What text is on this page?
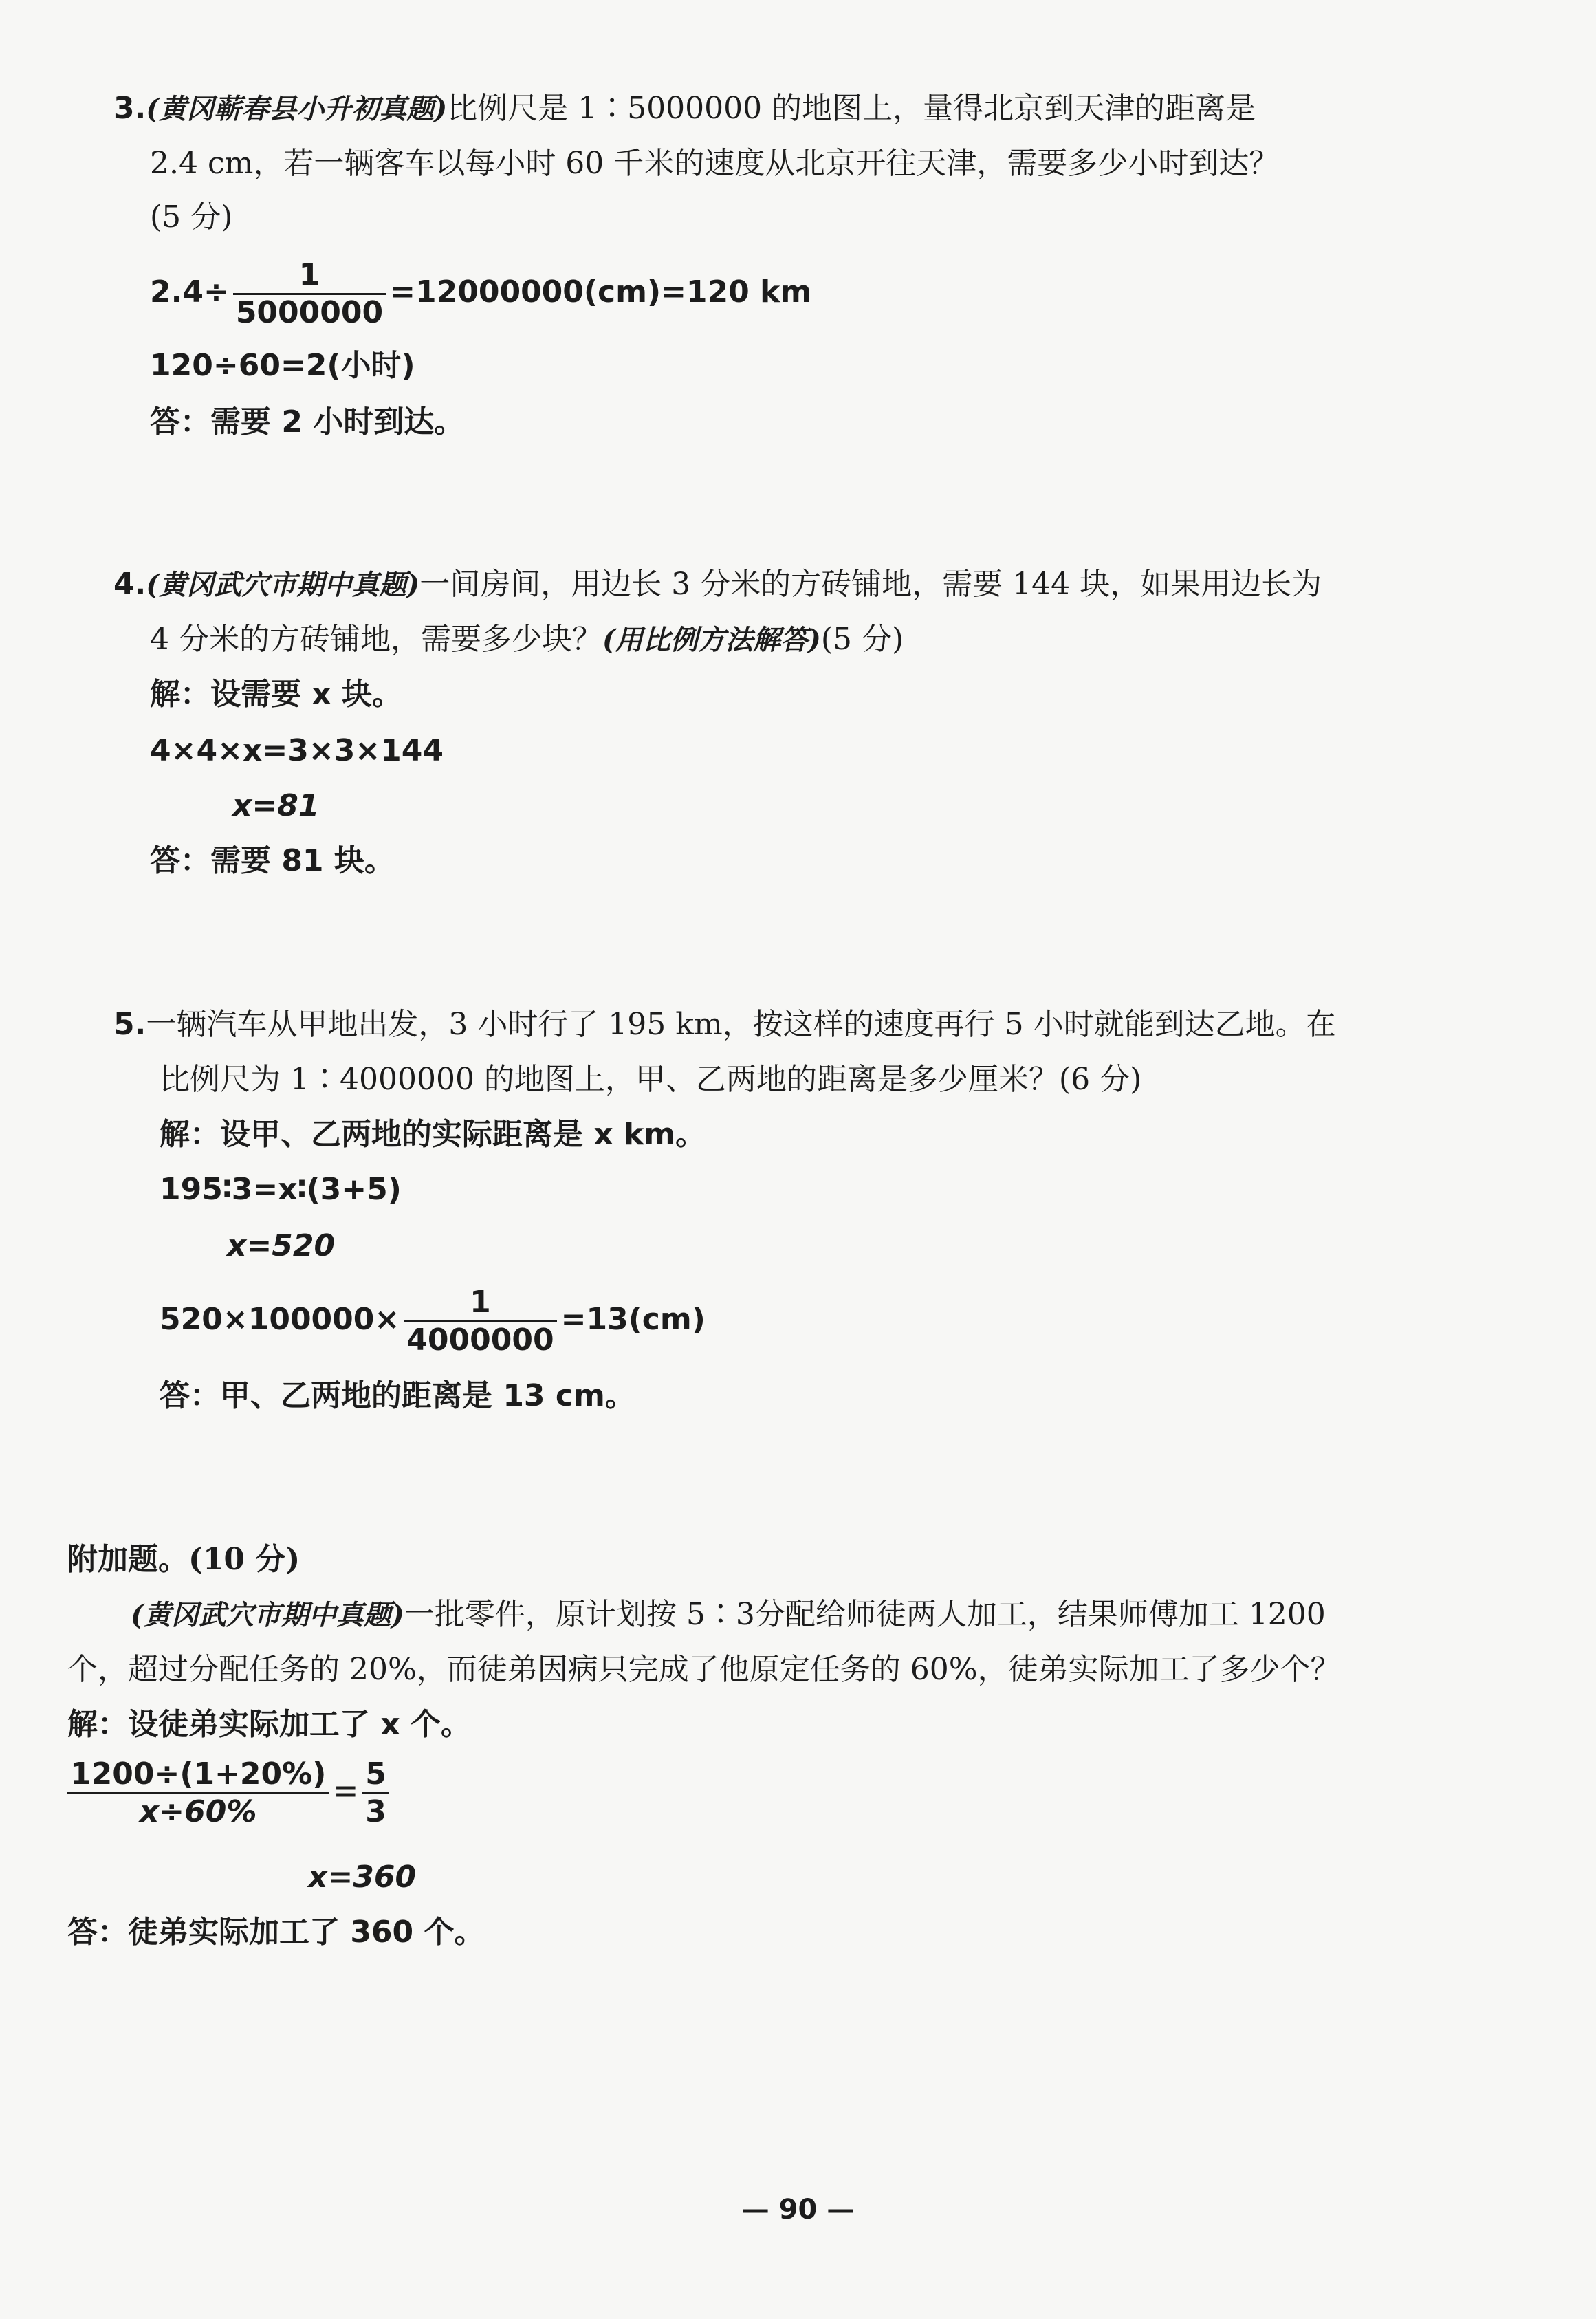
3.(黄冈蕲春县小升初真题)比例尺是 1∶5000000 的地图上，量得北京到天津的距离是
2.4 cm，若一辆客车以每小时 60 千米的速度从北京开往天津，需要多少小时到达？
(5 分)
$2.4\div \frac{1}{5000000} =12000000(cm)=120$ km
120÷60=2(小时)
答：需要 2 小时到达。
4.(黄冈武穴市期中真题)一间房间，用边长 3 分米的方砖铺地，需要 144 块，如果用边长为
4 分米的方砖铺地，需要多少块？(用比例方法解答)(5 分)
解：设需要 x 块。
4×4×x=3×3×144
x=81
答：需要 81 块。
5.一辆汽车从甲地出发，3 小时行了 195 km，按这样的速度再行 5 小时就能到达乙地。在
比例尺为 1∶4000000 的地图上，甲、乙两地的距离是多少厘米？(6 分)
解：设甲、乙两地的实际距离是 x km。
195∶3=x∶(3+5)
x=520
$520\times 100000\times \frac{1}{4000000} =13(cm)$
答：甲、乙两地的距离是 13 cm。
附加题。(10 分)
(黄冈武穴市期中真题)一批零件，原计划按 5∶3分配给师徒两人加工，结果师傅加工 1200
个，超过分配任务的 20%，而徒弟因病只完成了他原定任务的 60%，徒弟实际加工了多少个？
解：设徒弟实际加工了 x 个。
$\frac{1200\div(1+20\%)}{x\div 60\%} = \frac{5}{3}$
x=360
答：徒弟实际加工了 360 个。
— 90 —
